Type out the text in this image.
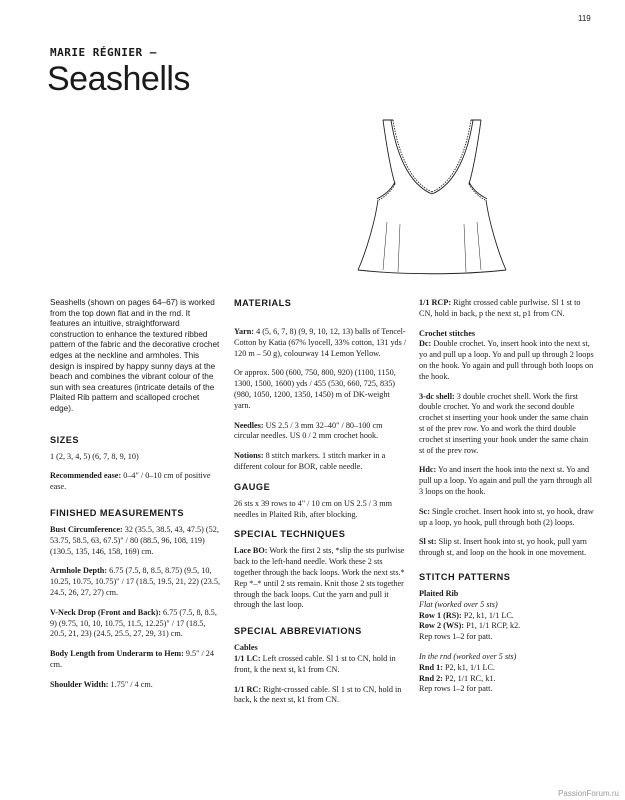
119
MARIE RÉGNIER –
Seashells

Seashells (shown on pages 64–67) is worked from the top down flat and in the rnd. It features an intuitive, straightforward construction to enhance the textured ribbed pattern of the fabric and the decorative crochet edges at the neckline and armholes. This design is inspired by happy sunny days at the beach and combines the vibrant colour of the sun with sea creatures (intricate details of the Plaited Rib pattern and scalloped crochet edge).

SIZES

1 (2, 3, 4, 5) (6, 7, 8, 9, 10)

Recommended ease: 0–4" / 0–10 cm of positive ease.

FINISHED MEASUREMENTS

Bust Circumference: 32 (35.5, 38.5, 43, 47.5) (52, 53.75, 58.5, 63, 67.5)" / 80 (88.5, 96, 108, 119) (130.5, 135, 146, 158, 169) cm.

Armhole Depth: 6.75 (7.5, 8, 8.5, 8.75) (9.5, 10, 10.25, 10.75, 10.75)" / 17 (18.5, 19.5, 21, 22) (23.5, 24.5, 26, 27, 27) cm.

V-Neck Drop (Front and Back): 6.75 (7.5, 8, 8.5, 9) (9.75, 10, 10, 10.75, 11.5, 12.25)" / 17 (18.5, 20.5, 21, 23) (24.5, 25.5, 27, 29, 31) cm.

Body Length from Underarm to Hem: 9.5" / 24 cm.

Shoulder Width: 1.75" / 4 cm.

MATERIALS

Yarn: 4 (5, 6, 7, 8) (9, 9, 10, 12, 13) balls of Tencel-Cotton by Katia (67% lyocell, 33% cotton, 131 yds / 120 m – 50 g), colourway 14 Lemon Yellow.

Or approx. 500 (600, 750, 800, 920) (1100, 1150, 1300, 1500, 1600) yds / 455 (530, 660, 725, 835) (980, 1050, 1200, 1350, 1450) m of DK-weight yarn.

Needles: US 2.5 / 3 mm 32–40" / 80–100 cm circular needles. US 0 / 2 mm crochet hook.

Notions: 8 stitch markers. 1 stitch marker in a different colour for BOR, cable needle.

GAUGE

26 sts x 39 rows to 4" / 10 cm on US 2.5 / 3 mm needles in Plaited Rib, after blocking.

SPECIAL TECHNIQUES

Lace BO: Work the first 2 sts, *slip the sts purlwise back to the left-hand needle. Work these 2 sts together through the back loops. Work the next sts.* Rep *–* until 2 sts remain. Knit those 2 sts together through the back loops. Cut the yarn and pull it through the last loop.

SPECIAL ABBREVIATIONS
Cables

1/1 LC: Left crossed cable. Sl 1 st to CN, hold in front, k the next st, k1 from CN.

1/1 RC: Right-crossed cable. Sl 1 st to CN, hold in back, k the next st, k1 from CN.

1/1 RCP: Right crossed cable purlwise. Sl 1 st to CN, hold in back, p the next st, p1 from CN.

Crochet stitches

Dc: Double crochet. Yo, insert hook into the next st, yo and pull up a loop. Yo and pull up through 2 loops on the hook. Yo again and pull through both loops on the hook.

3-dc shell: 3 double crochet shell. Work the first double crochet. Yo and work the second double crochet st inserting your hook under the same chain st of the prev row. Yo and work the third double crochet st inserting your hook under the same chain st of the prev row.

Hdc: Yo and insert the hook into the next st. Yo and pull up a loop. Yo again and pull the yarn through all 3 loops on the hook.

Sc: Single crochet. Insert hook into st, yo hook, draw up a loop, yo hook, pull through both (2) loops.

Sl st: Slip st. Insert hook into st, yo hook, pull yarn through st, and loop on the hook in one movement.

STITCH PATTERNS
Plaited Rib

Flat (worked over 5 sts)

Row 1 (RS): P2, k1, 1/1 LC.

Row 2 (WS): P1, 1/1 RCP, k2.

Rep rows 1–2 for patt.

In the rnd (worked over 5 sts)

Rnd 1: P2, k1, 1/1 LC.

Rnd 2: P2, 1/1 RC, k1.

Rep rows 1–2 for patt.

PassionForum.ru
